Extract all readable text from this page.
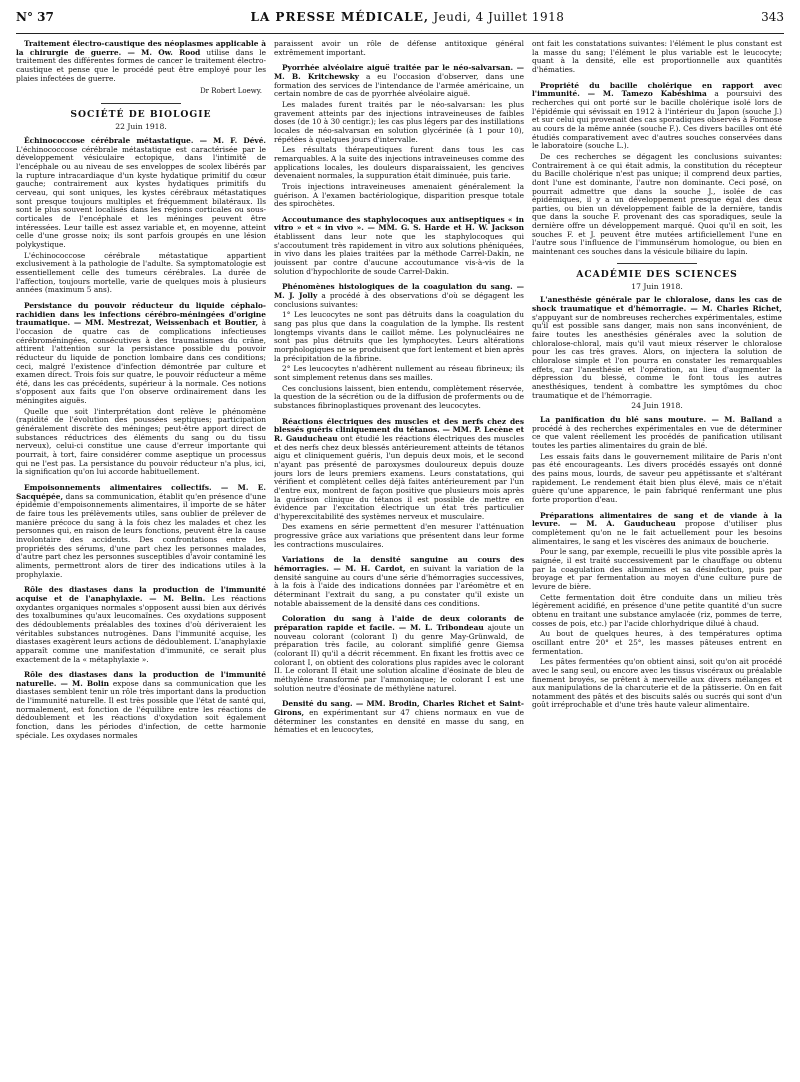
N° 37	LA PRESSE MÉDICALE, Jeudi, 4 Juillet 1918	343

Traitement électro-caustique des néoplasmes applicable à la chirurgie de guerre. — M. Ow. Rood utilise dans le traitement des différentes formes de cancer le traitement électro-caustique et pense que le procédé peut être employé pour les plaies infectées de guerre.

Dr Robert Loewy.
SOCIÉTÉ DE BIOLOGIE
22 Juin 1918.

Échinococcose cérébrale métastatique. — M. F. Dévé. L'échinococcose cérébrale métastatique est caractérisée par le développement vésiculaire ectopique, dans l'intimité de l'encéphale ou au niveau de ses enveloppes de scolex libérés par la rupture intracardiaque d'un kyste hydatique primitif du cœur gauche; contrairement aux kystes hydatiques primitifs du cerveau, qui sont uniques, les kystes cérébraux métastatiques sont presque toujours multiples et fréquemment bilatéraux. Ils sont le plus souvent localisés dans les régions corticales ou sous-corticales de l'encéphale et les méninges peuvent être intéressées. Leur taille est assez variable et, en moyenne, atteint celle d'une grosse noix; ils sont parfois groupés en une lésion polykystique.

L'échinococcose cérébrale métastatique appartient exclusivement à la pathologie de l'adulte. Sa symptomatologie est essentiellement celle des tumeurs cérébrales. La durée de l'affection, toujours mortelle, varie de quelques mois à plusieurs années (maximum 5 ans).

Persistance du pouvoir réducteur du liquide céphalo-rachidien dans les infections cérébro-méningées d'origine traumatique. — MM. Mestrezat, Weissenbach et Boutier, à l'occasion de quatre cas de complications infectieuses cérébroméningées, consécutives à des traumatismes du crâne, attirent l'attention sur la persistance possible du pouvoir réducteur du liquide de ponction lombaire dans ces conditions; ceci, malgré l'existence d'infection démontrée par culture et examen direct. Trois fois sur quatre, le pouvoir réducteur a même été, dans les cas précédents, supérieur à la normale. Ces notions s'opposent aux faits que l'on observe ordinairement dans les méningites aiguës.

Quelle que soit l'interprétation dont relève le phénomène (rapidité de l'évolution des poussées septiques; participation généralement discrète des méninges; peut-être apport direct de substances réductrices des éléments du sang ou du tissu nerveux), celui-ci constitue une cause d'erreur importante qui pourrait, à tort, faire considérer comme aseptique un processus qui ne l'est pas. La persistance du pouvoir réducteur n'a plus, ici, la signification qu'on lui accorde habituellement.

Empoisonnements alimentaires collectifs. — M. E. Sacquépée, dans sa communication, établit qu'en présence d'une épidémie d'empoisonnements alimentaires, il importe de se hâter de faire tous les prélèvements utiles, sans oublier de prélever de manière précoce du sang à la fois chez les malades et chez les personnes qui, en raison de leurs fonctions, peuvent être la cause involontaire des accidents. Des confrontations entre les propriétés des sérums, d'une part chez les personnes malades, d'autre part chez les personnes susceptibles d'avoir contaminé les aliments, permettront alors de tirer des indications utiles à la prophylaxie.

Rôle des diastases dans la production de l'immunité acquise et de l'anaphylaxie. — M. Belin. Les réactions oxydantes organiques normales s'opposent aussi bien aux dérivés des toxalbumines qu'aux leucomaïnes. Ces oxydations supposent des dédoublements préalables des toxines d'où dériveraient les véritables substances nutrogènes. Dans l'immunité acquise, les diastases exagèrent leurs actions de dédoublement. L'anaphylaxie apparaît comme une manifestation d'immunité, ce serait plus exactement de la « métaphylaxie ».

Rôle des diastases dans la production de l'immunité naturelle. — M. Bolin expose dans sa communication que les diastases semblent tenir un rôle très important dans la production de l'immunité naturelle. Il est très possible que l'état de santé qui, normalement, est fonction de l'équilibre entre les réactions de dédoublement et les réactions d'oxydation soit également fonction, dans les périodes d'infection, de cette harmonie spéciale. Les oxydases normales

paraissent avoir un rôle de défense antitoxique général extrêmement important.

Pyorrhée alvéolaire aiguë traitée par le néo-salvarsan. — M. B. Kritchewsky a eu l'occasion d'observer, dans une formation des services de l'intendance de l'armée américaine, un certain nombre de cas de pyorrhée alvéolaire aiguë.

Les malades furent traités par le néo-salvarsan: les plus gravement atteints par des injections intraveineuses de faibles doses (de 10 à 30 centigr.); les cas plus légers par des instillations locales de néo-salvarsan en solution glycérinée (à 1 pour 10), répétées à quelques jours d'intervalle.

Les résultats thérapeutiques furent dans tous les cas remarquables. A la suite des injections intraveineuses comme des applications locales, les douleurs disparaissaient, les gencives devenaient normales, la suppuration était diminuée, puis tarie.

Trois injections intraveineuses amenaient généralement la guérison. A l'examen bactériologique, disparition presque totale des spirochètes.

Accoutumance des staphylocoques aux antiseptiques « in vitro » et « in vivo ». — MM. G. S. Harde et H. W. Jackson établissent dans leur note que les staphylocoques qui s'accoutument très rapidement in vitro aux solutions phéniquées, in vivo dans les plaies traitées par la méthode Carrel-Dakin, ne jouissent par contre d'aucune accoutumance vis-à-vis de la solution d'hypochlorite de soude Carrel-Dakin.

Phénomènes histologiques de la coagulation du sang. — M. J. Jolly a procédé à des observations d'où se dégagent les conclusions suivantes:

1° Les leucocytes ne sont pas détruits dans la coagulation du sang pas plus que dans la coagulation de la lymphe. Ils restent longtemps vivants dans le caillot même. Les polynucléaires ne sont pas plus détruits que les lymphocytes. Leurs altérations morphologiques ne se produisent que fort lentement et bien après la précipitation de la fibrine.

2° Les leucocytes n'adhèrent nullement au réseau fibrineux; ils sont simplement retenus dans ses mailles.

Ces conclusions laissent, bien entendu, complètement réservée, la question de la sécrétion ou de la diffusion de proferments ou de substances fibrinoplastiques provenant des leucocytes.

Réactions électriques des muscles et des nerfs chez des blessés guéris cliniquement du tétanos. — MM. P. Lecène et R. Gauducheau ont étudié les réactions électriques des muscles et des nerfs chez deux blessés antérieurement atteints de tétanos aigu et cliniquement guéris, l'un depuis deux mois, et le second n'ayant pas présenté de paroxysmes douloureux depuis douze jours lors de leurs premiers examens. Leurs constatations, qui vérifient et complètent celles déjà faites antérieurement par l'un d'entre eux, montrent de façon positive que plusieurs mois après la guérison clinique du tétanos il est possible de mettre en évidence par l'excitation électrique un état très particulier d'hyperexcitabilité des systèmes nerveux et musculaire.

Des examens en série permettent d'en mesurer l'atténuation progressive grâce aux variations que présentent dans leur forme les contractions musculaires.

Variations de la densité sanguine au cours des hémorragies. — M. H. Cardot, en suivant la variation de la densité sanguine au cours d'une série d'hémorragies successives, à la fois à l'aide des indications données par l'aréomètre et en déterminant l'extrait du sang, a pu constater qu'il existe un notable abaissement de la densité dans ces conditions.

Coloration du sang à l'aide de deux colorants de préparation rapide et facile. — M. L. Tribondeau ajoute un nouveau colorant (colorant I) du genre May-Grünwald, de préparation très facile, au colorant simplifié genre Giemsa (colorant II) qu'il a décrit récemment. En fixant les frottis avec ce colorant I, on obtient des colorations plus rapides avec le colorant II. Le colorant II était une solution alcaline d'éosinate de bleu de méthylène transformé par l'ammoniaque; le colorant I est une solution neutre d'éosinate de méthylène naturel.

Densité du sang. — MM. Brodin, Charles Richet et Saint-Girons, en expérimentant sur 47 chiens normaux en vue de déterminer les constantes en densité en masse du sang, en hématies et en leucocytes,

ont fait les constatations suivantes: l'élément le plus constant est la masse du sang; l'élément le plus variable est le leucocyte; quant à la densité, elle est proportionnelle aux quantités d'hématies.

Propriété du bacille cholérique en rapport avec l'immunité. — M. Tamezo Kabéshima a poursuivi des recherches qui ont porté sur le bacille cholérique isolé lors de l'épidémie qui sévissait en 1912 à l'intérieur du Japon (souche J.) et sur celui qui provenait des cas sporadiques observés à Formose au cours de la même année (souche F.). Ces divers bacilles ont été étudiés comparativement avec d'autres souches conservées dans le laboratoire (souche L.).

De ces recherches se dégagent les conclusions suivantes: Contrairement à ce qui était admis, la constitution du récepteur du Bacille cholérique n'est pas unique; il comprend deux parties, dont l'une est dominante, l'autre non dominante. Ceci posé, on pourrait admettre que dans la souche J., isolée de cas épidémiques, il y a un développement presque égal des deux parties, ou bien un développement faible de la dernière, tandis que dans la souche F. provenant des cas sporadiques, seule la dernière offre un développement marqué. Quoi qu'il en soit, les souches F. et J. peuvent être mutées artificiellement l'une en l'autre sous l'influence de l'immunsérum homologue, ou bien en maintenant ces souches dans la vésicule biliaire du lapin.

ACADÉMIE DES SCIENCES
17 Juin 1918.

L'anesthésie générale par le chloralose, dans les cas de shock traumatique et d'hémorragie. — M. Charles Richet, s'appuyant sur de nombreuses recherches expérimentales, estime qu'il est possible sans danger, mais non sans inconvénient, de faire toutes les anesthésies générales avec la solution de chloralose-chloral, mais qu'il vaut mieux réserver le chloralose pour les cas très graves. Alors, on injectera la solution de chloralose simple et l'on pourra en constater les remarquables effets, car l'anesthésie et l'opération, au lieu d'augmenter la dépression du blessé, comme le font tous les autres anesthésiques, tendent à combattre les symptômes du choc traumatique et de l'hémorragie.

24 Juin 1918.

La panification du blé sans mouture. — M. Balland a procédé à des recherches expérimentales en vue de déterminer ce que valent réellement les procédés de panification utilisant toutes les parties alimentaires du grain de blé.

Les essais faits dans le gouvernement militaire de Paris n'ont pas été encourageants. Les divers procédés essayés ont donné des pains mous, lourds, de saveur peu appétissante et s'altérant rapidement. Le rendement était bien plus élevé, mais ce n'était guère qu'une apparence, le pain fabriqué renfermant une plus forte proportion d'eau.

Préparations alimentaires de sang et de viande à la levure. — M. A. Gauducheau propose d'utiliser plus complètement qu'on ne le fait actuellement pour les besoins alimentaires, le sang et les viscères des animaux de boucherie.

Pour le sang, par exemple, recueilli le plus vite possible après la saignée, il est traité successivement par le chauffage ou obtenu par la coagulation des albumines et sa désinfection, puis par broyage et par fermentation au moyen d'une culture pure de levure de bière.

Cette fermentation doit être conduite dans un milieu très légèrement acidifié, en présence d'une petite quantité d'un sucre obtenu en traitant une substance amylacée (riz, pommes de terre, cosses de pois, etc.) par l'acide chlorhydrique dilué à chaud.

Au bout de quelques heures, à des températures optima oscillant entre 20° et 25°, les masses pâteuses entrent en fermentation.

Les pâtes fermentées qu'on obtient ainsi, soit qu'on ait procédé avec le sang seul, ou encore avec les tissus viscéraux ou préalable finement broyés, se prêtent à merveille aux divers mélanges et aux manipulations de la charcuterie et de la pâtisserie. On en fait notamment des pâtés et des biscuits salés ou sucrés qui sont d'un goût irréprochable et d'une très haute valeur alimentaire.
